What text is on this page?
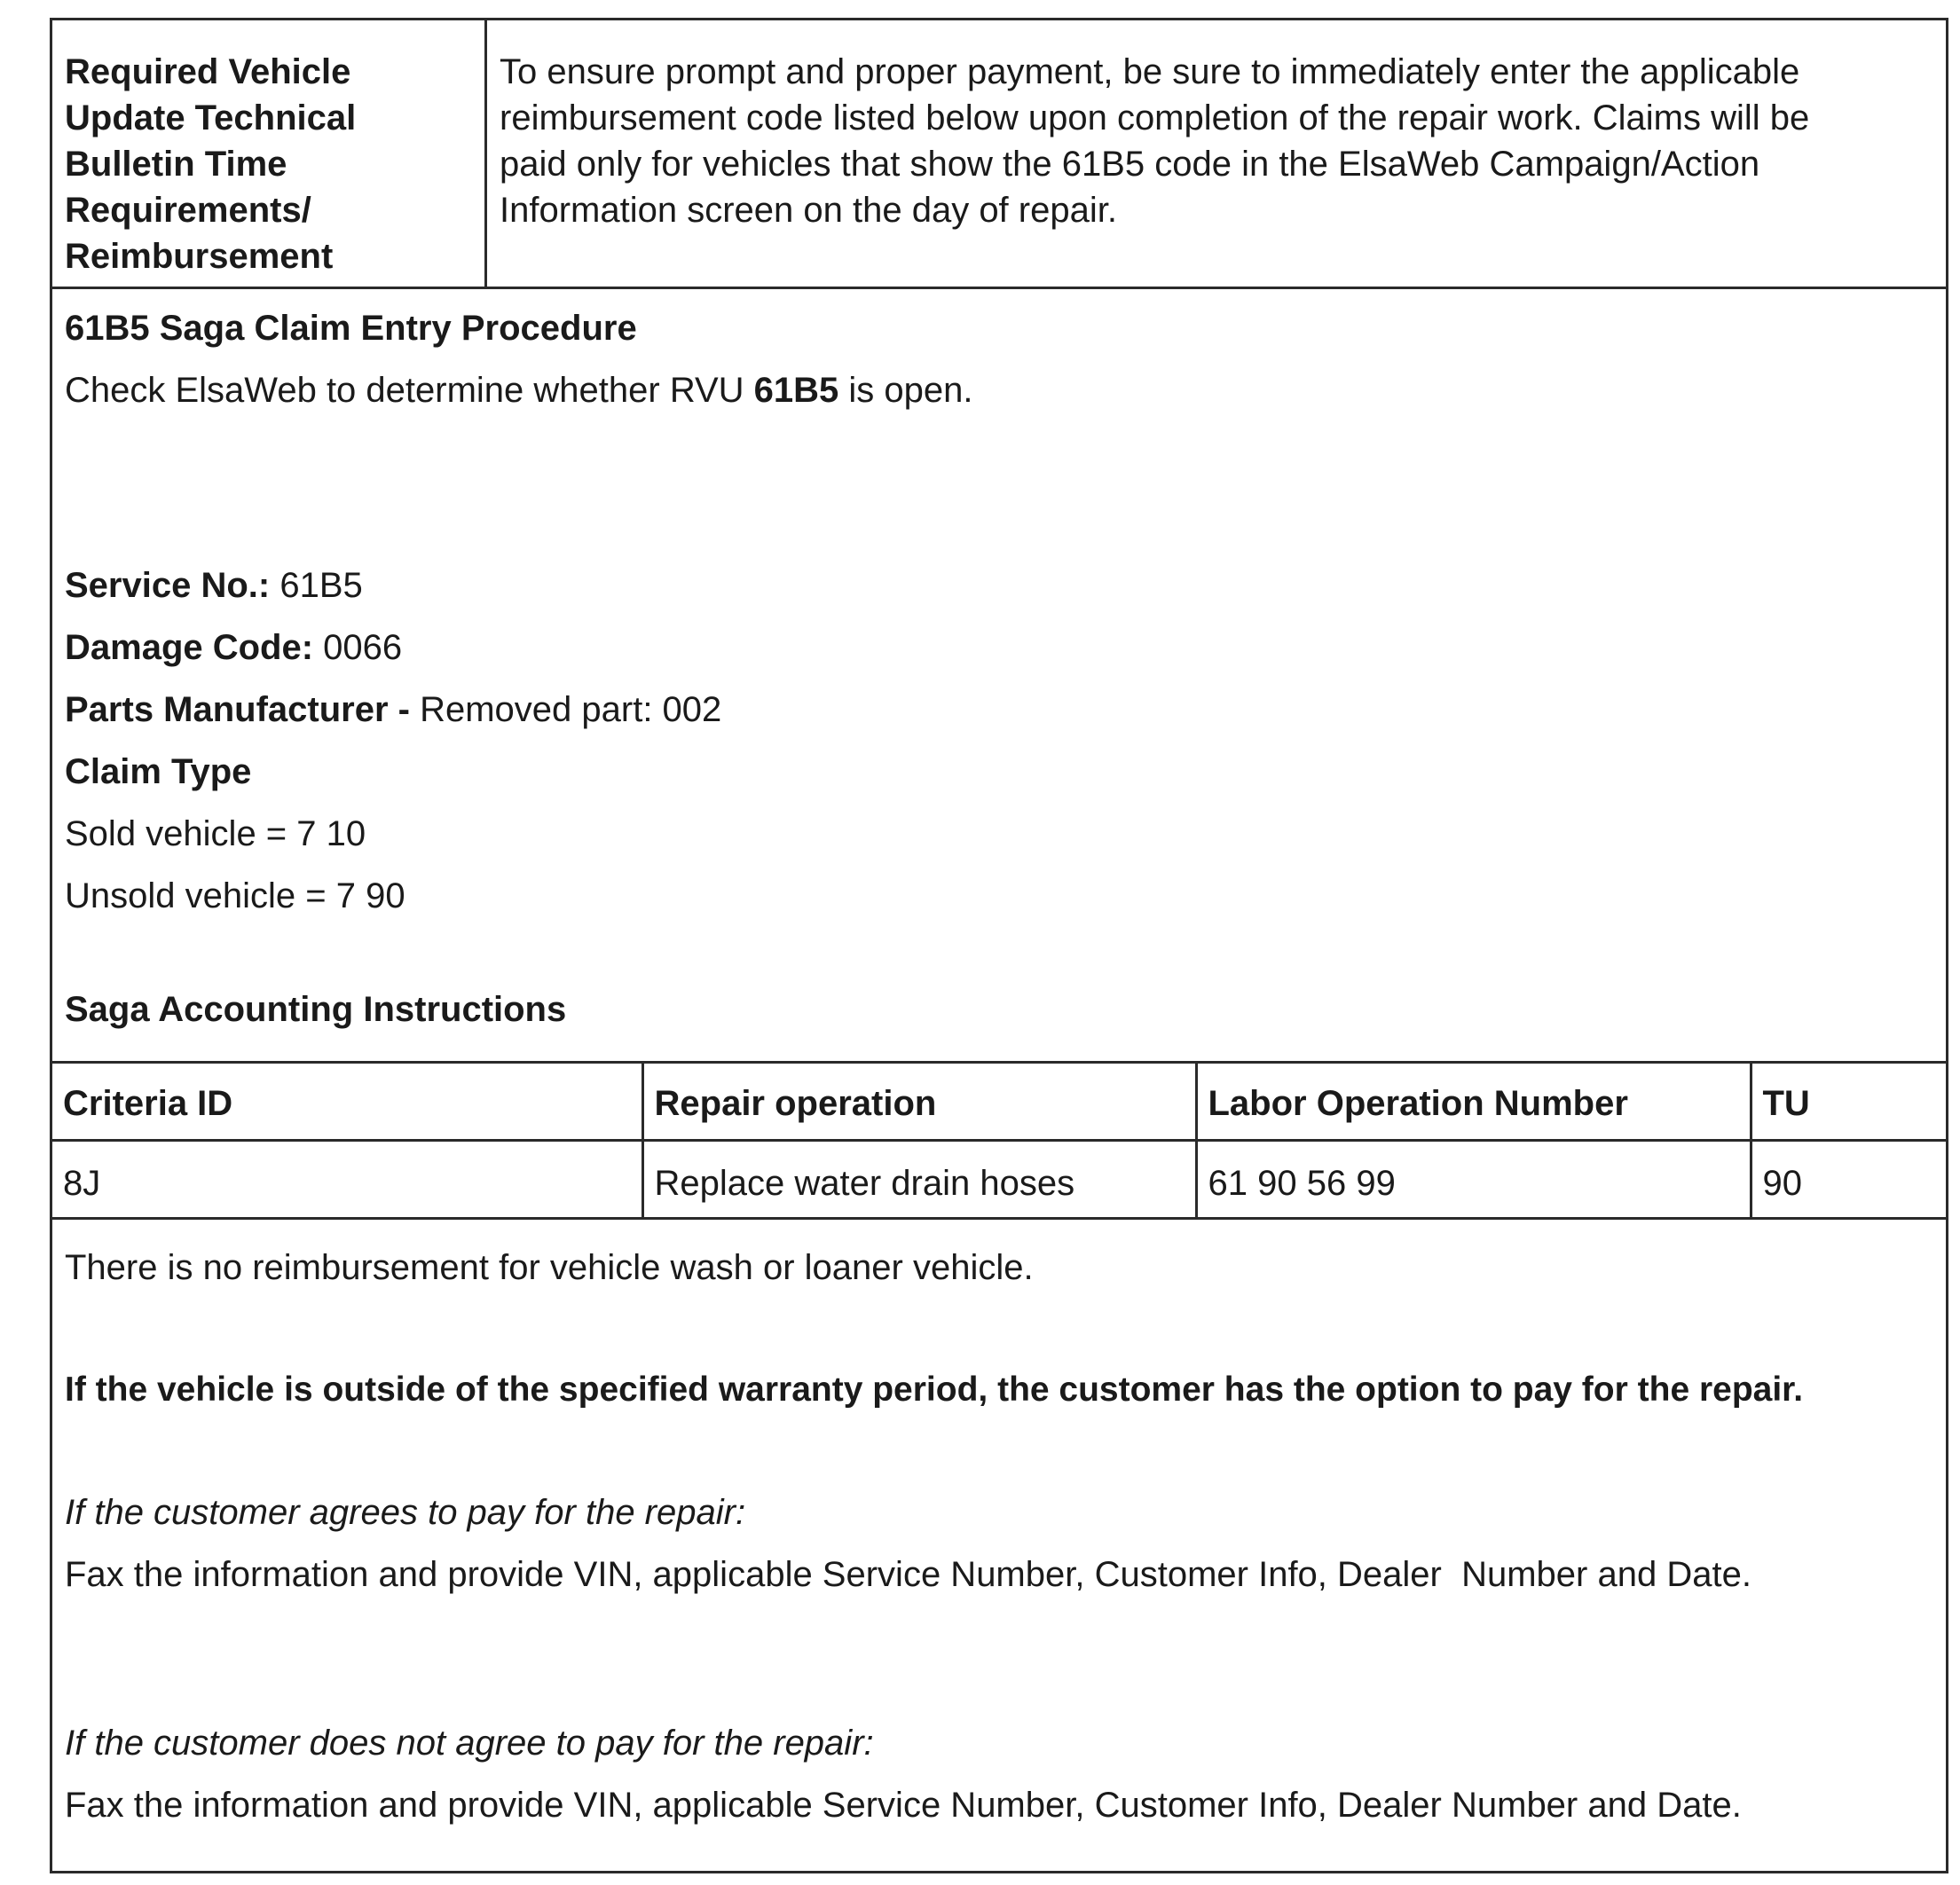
Required Vehicle
Update Technical
Bulletin Time
Requirements/
Reimbursement
To ensure prompt and proper payment, be sure to immediately enter the applicable
reimbursement code listed below upon completion of the repair work. Claims will be
paid only for vehicles that show the 61B5 code in the ElsaWeb Campaign/Action
Information screen on the day of repair.
61B5 Saga Claim Entry Procedure
Check ElsaWeb to determine whether RVU 61B5 is open.
Service No.: 61B5
Damage Code: 0066
Parts Manufacturer - Removed part: 002
Claim Type
Sold vehicle = 7 10
Unsold vehicle = 7 90
Saga Accounting Instructions
Criteria ID	Repair operation	Labor Operation Number	TU
8J	Replace water drain hoses	61 90 56 99	90
There is no reimbursement for vehicle wash or loaner vehicle.
If the vehicle is outside of the specified warranty period, the customer has the option to pay for the repair.
If the customer agrees to pay for the repair:
Fax the information and provide VIN, applicable Service Number, Customer Info, Dealer Number and Date.
If the customer does not agree to pay for the repair:
Fax the information and provide VIN, applicable Service Number, Customer Info, Dealer Number and Date.
